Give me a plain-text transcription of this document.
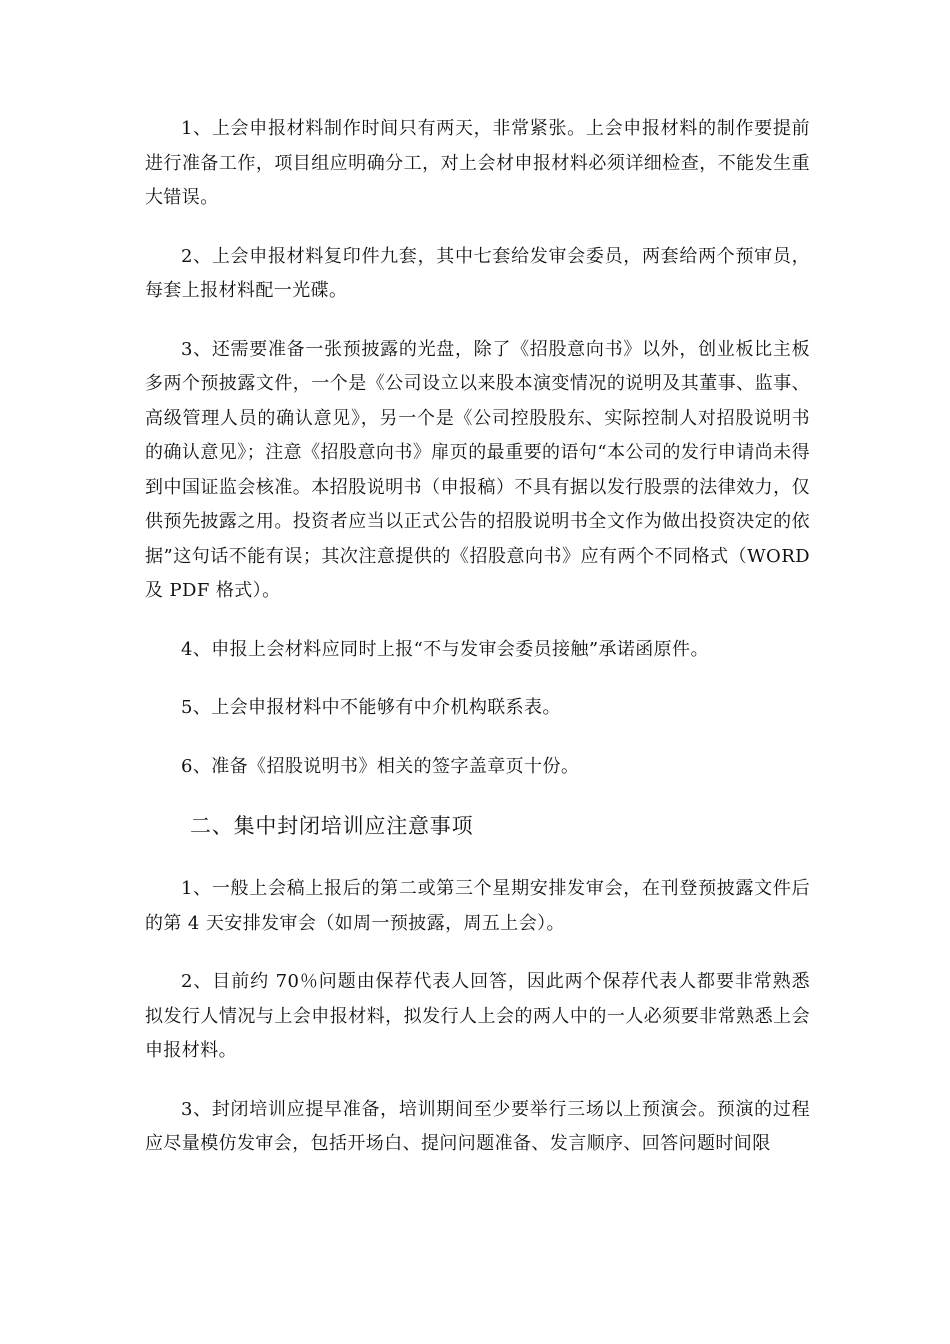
1、上会申报材料制作时间只有两天，非常紧张。上会申报材料的制作要提前进行准备工作，项目组应明确分工，对上会材申报材料必须详细检查，不能发生重大错误。

2、上会申报材料复印件九套，其中七套给发审会委员，两套给两个预审员，每套上报材料配一光碟。

3、还需要准备一张预披露的光盘，除了《招股意向书》以外，创业板比主板多两个预披露文件，一个是《公司设立以来股本演变情况的说明及其董事、监事、高级管理人员的确认意见》，另一个是《公司控股股东、实际控制人对招股说明书的确认意见》；注意《招股意向书》扉页的最重要的语句“本公司的发行申请尚未得到中国证监会核准。本招股说明书（申报稿）不具有据以发行股票的法律效力，仅供预先披露之用。投资者应当以正式公告的招股说明书全文作为做出投资决定的依据”这句话不能有误；其次注意提供的《招股意向书》应有两个不同格式（WORD 及 PDF 格式）。

4、申报上会材料应同时上报“不与发审会委员接触”承诺函原件。

5、上会申报材料中不能够有中介机构联系表。

6、准备《招股说明书》相关的签字盖章页十份。

二、集中封闭培训应注意事项

1、一般上会稿上报后的第二或第三个星期安排发审会，在刊登预披露文件后的第 4 天安排发审会（如周一预披露，周五上会）。

2、目前约 70％问题由保荐代表人回答，因此两个保荐代表人都要非常熟悉拟发行人情况与上会申报材料，拟发行人上会的两人中的一人必须要非常熟悉上会申报材料。

3、封闭培训应提早准备，培训期间至少要举行三场以上预演会。预演的过程应尽量模仿发审会，包括开场白、提问问题准备、发言顺序、回答问题时间限
